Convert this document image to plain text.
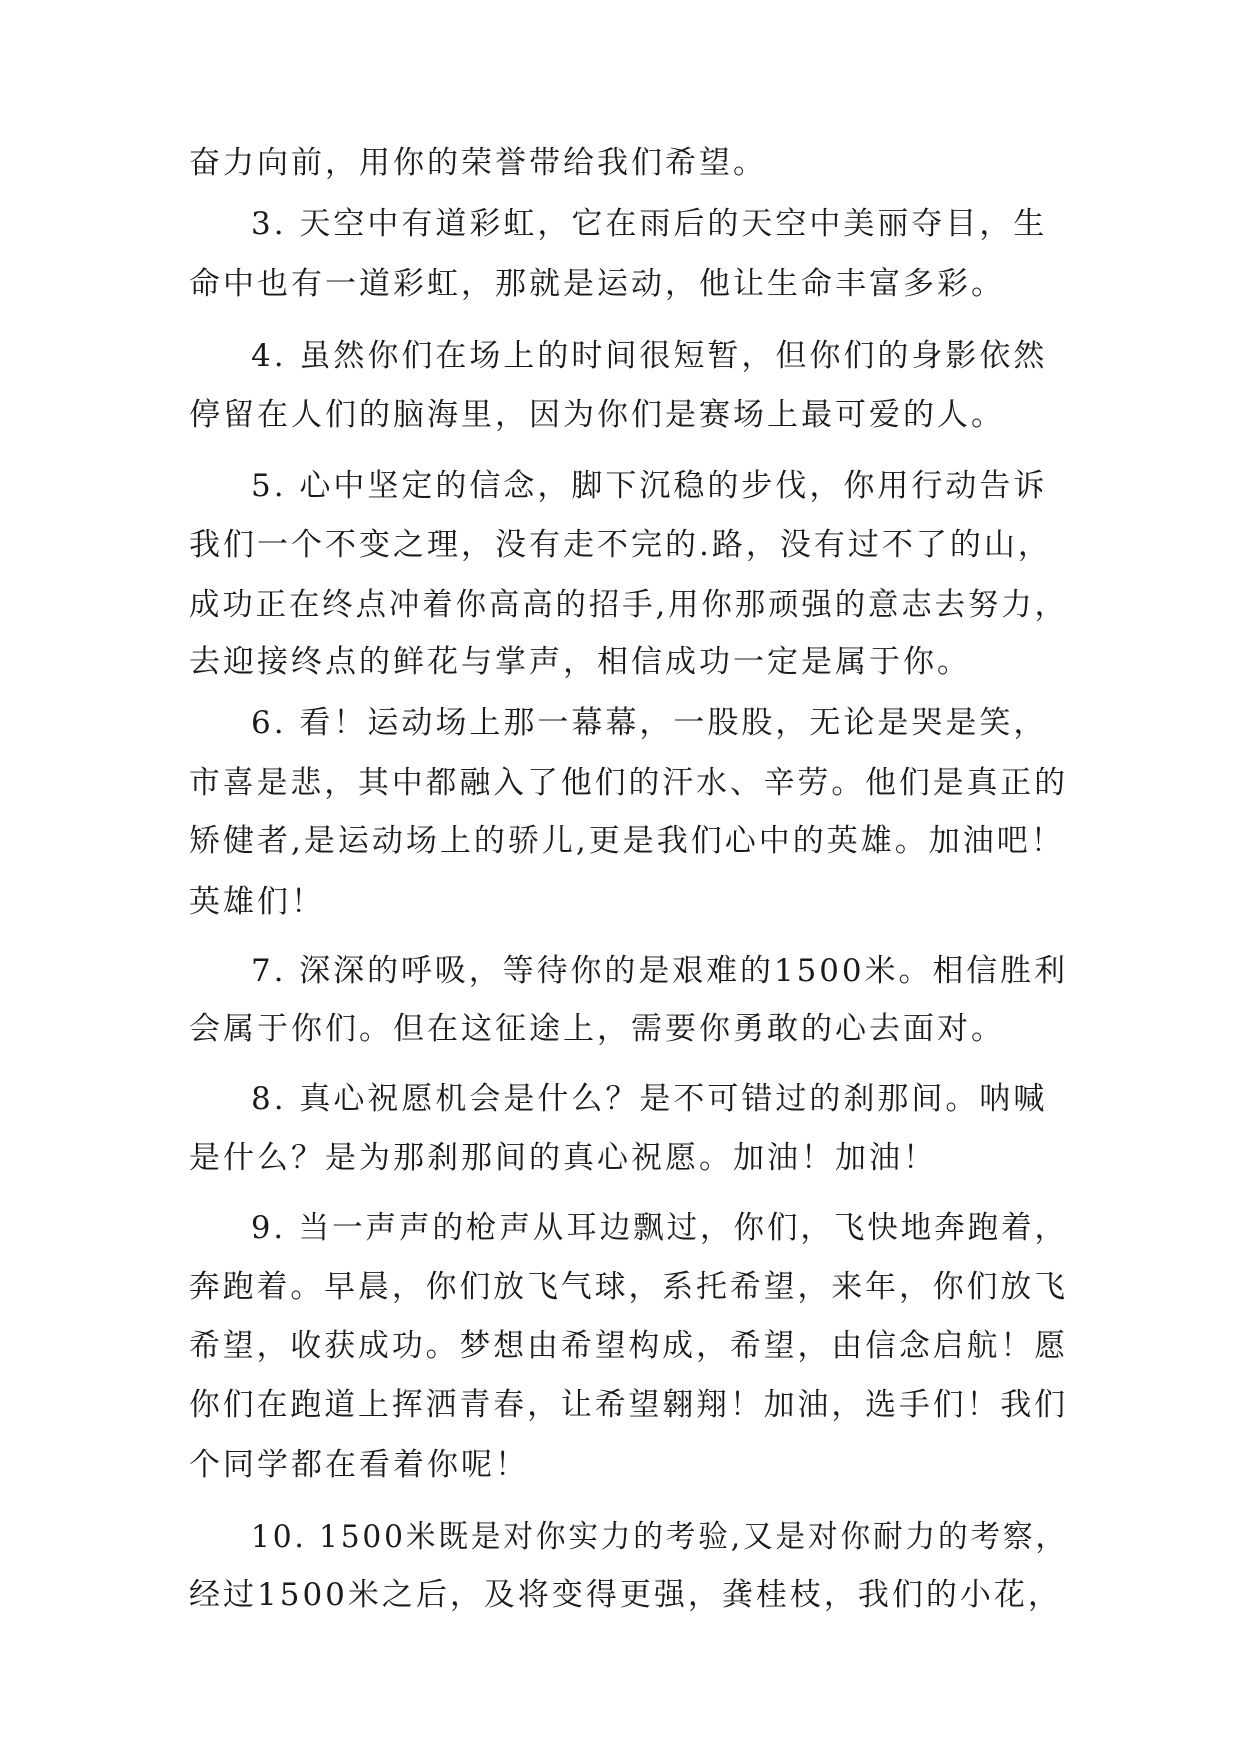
奋力向前，用你的荣誉带给我们希望。
3. 天空中有道彩虹，它在雨后的天空中美丽夺目，生
命中也有一道彩虹，那就是运动，他让生命丰富多彩。
4. 虽然你们在场上的时间很短暂，但你们的身影依然
停留在人们的脑海里，因为你们是赛场上最可爱的人。
5. 心中坚定的信念，脚下沉稳的步伐，你用行动告诉
我们一个不变之理，没有走不完的.路，没有过不了的山，
成功正在终点冲着你高高的招手,用你那顽强的意志去努力，
去迎接终点的鲜花与掌声，相信成功一定是属于你。
6. 看！运动场上那一幕幕，一股股，无论是哭是笑，
市喜是悲，其中都融入了他们的汗水、辛劳。他们是真正的
矫健者,是运动场上的骄儿,更是我们心中的英雄。加油吧！
英雄们！
7. 深深的呼吸，等待你的是艰难的1500米。相信胜利
会属于你们。但在这征途上，需要你勇敢的心去面对。
8. 真心祝愿机会是什么？是不可错过的刹那间。呐喊
是什么？是为那刹那间的真心祝愿。加油！加油！
9. 当一声声的枪声从耳边飘过，你们，飞快地奔跑着，
奔跑着。早晨，你们放飞气球，系托希望，来年，你们放飞
希望，收获成功。梦想由希望构成，希望，由信念启航！愿
你们在跑道上挥洒青春，让希望翱翔！加油，选手们！我们
个同学都在看着你呢！
10. 1500米既是对你实力的考验,又是对你耐力的考察，
经过1500米之后，及将变得更强，龚桂枝，我们的小花，
